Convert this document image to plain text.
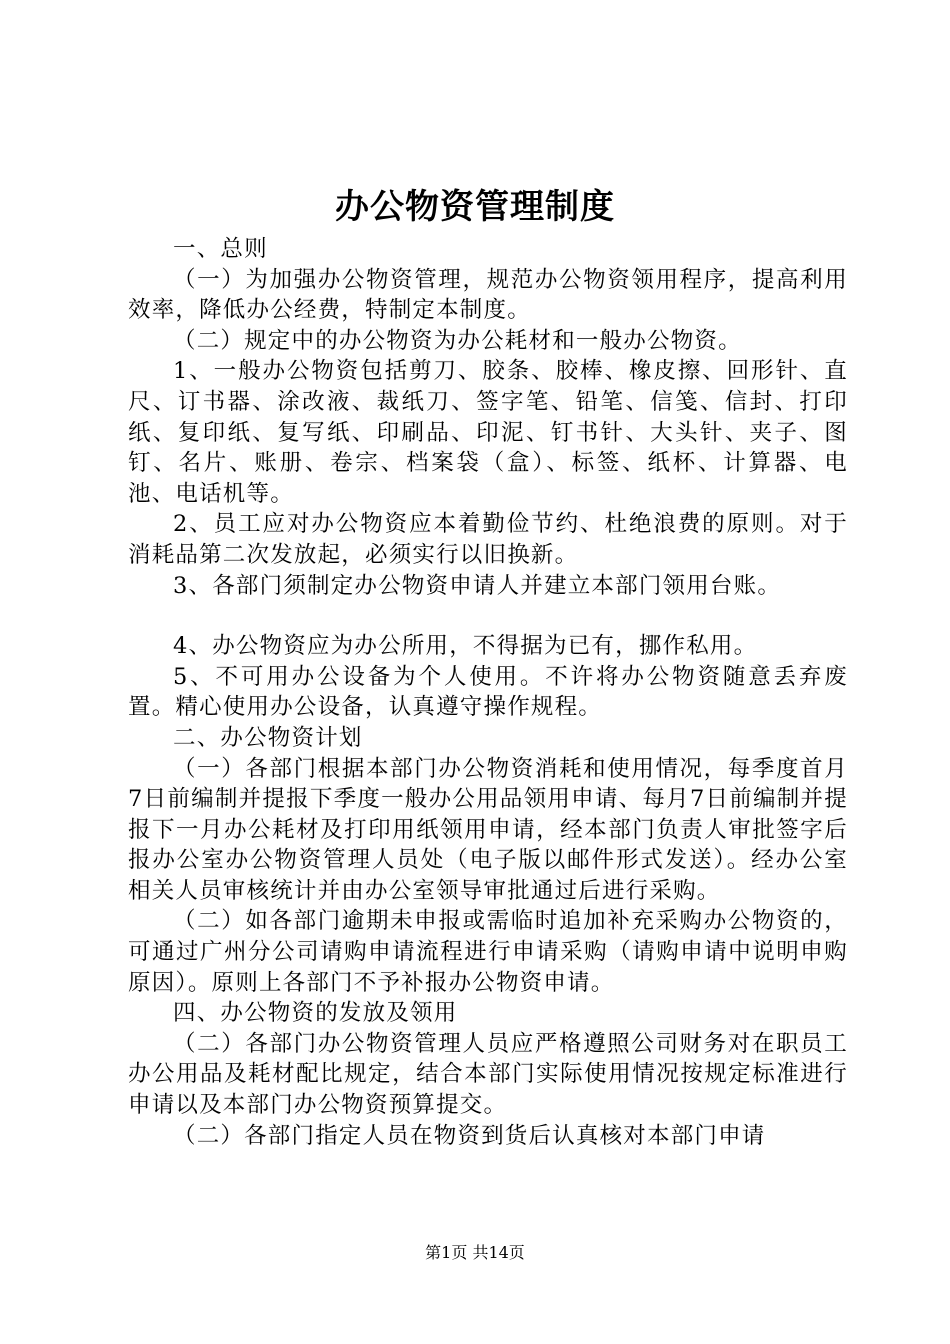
办公物资管理制度

一、总则

（一）为加强办公物资管理，规范办公物资领用程序，提高利用效率，降低办公经费，特制定本制度。

（二）规定中的办公物资为办公耗材和一般办公物资。

1、一般办公物资包括剪刀、胶条、胶棒、橡皮擦、回形针、直尺、订书器、涂改液、裁纸刀、签字笔、铅笔、信笺、信封、打印纸、复印纸、复写纸、印刷品、印泥、钉书针、大头针、夹子、图钉、名片、账册、卷宗、档案袋（盒）、标签、纸杯、计算器、电池、电话机等。

2、员工应对办公物资应本着勤俭节约、杜绝浪费的原则。对于消耗品第二次发放起，必须实行以旧换新。

3、各部门须制定办公物资申请人并建立本部门领用台账。

4、办公物资应为办公所用，不得据为已有，挪作私用。

5、不可用办公设备为个人使用。不许将办公物资随意丢弃废置。精心使用办公设备，认真遵守操作规程。

二、办公物资计划

（一）各部门根据本部门办公物资消耗和使用情况，每季度首月7日前编制并提报下季度一般办公用品领用申请、每月7日前编制并提报下一月办公耗材及打印用纸领用申请，经本部门负责人审批签字后报办公室办公物资管理人员处（电子版以邮件形式发送）。经办公室相关人员审核统计并由办公室领导审批通过后进行采购。

（二）如各部门逾期未申报或需临时追加补充采购办公物资的，可通过广州分公司请购申请流程进行申请采购（请购申请中说明申购原因）。原则上各部门不予补报办公物资申请。

四、办公物资的发放及领用

（二）各部门办公物资管理人员应严格遵照公司财务对在职员工办公用品及耗材配比规定，结合本部门实际使用情况按规定标准进行申请以及本部门办公物资预算提交。

（二）各部门指定人员在物资到货后认真核对本部门申请

第1页 共14页
